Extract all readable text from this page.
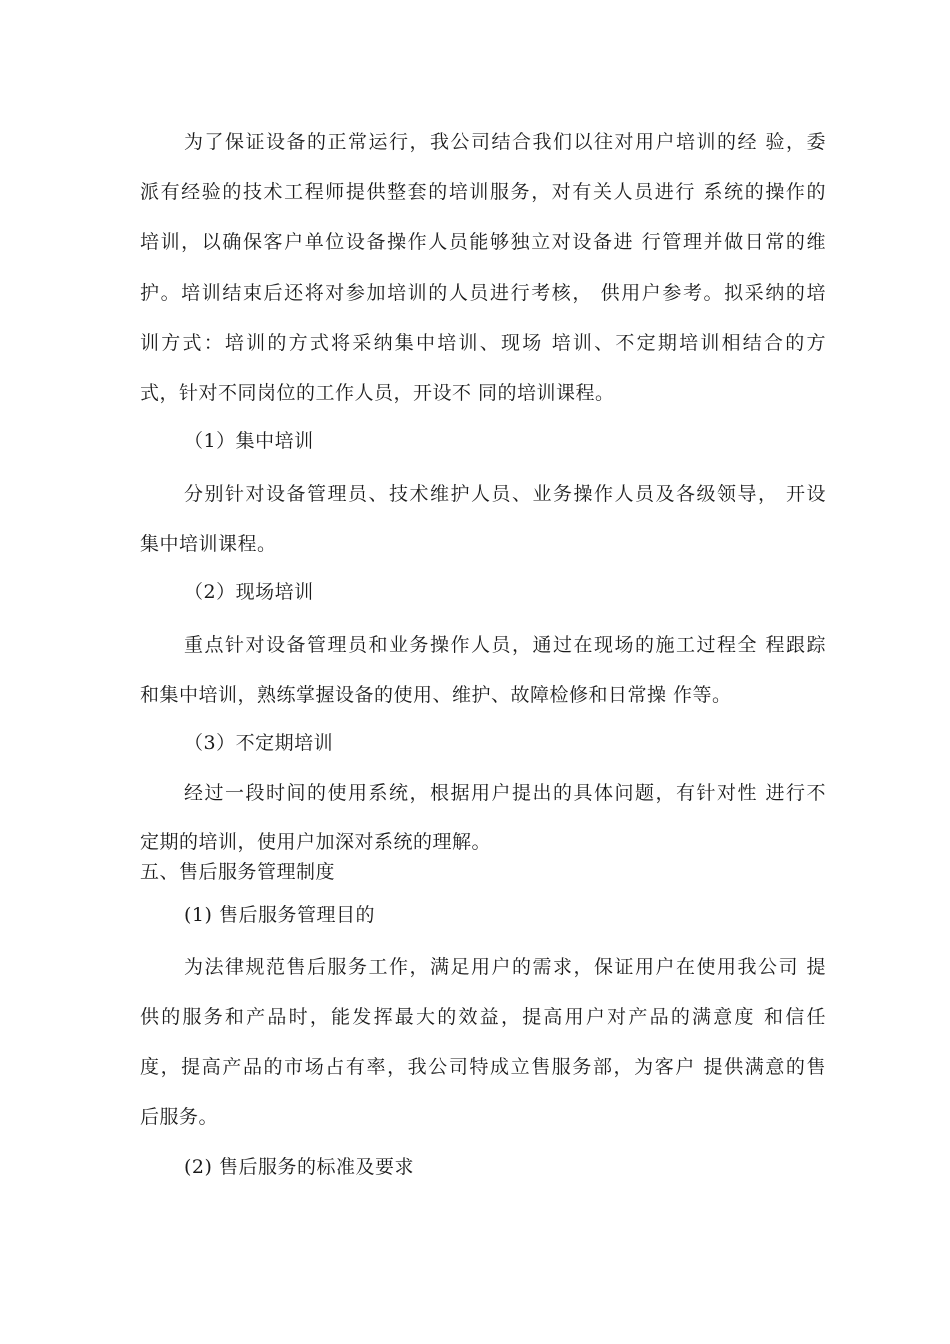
为了保证设备的正常运行，我公司结合我们以往对用户培训的经 验，委
派有经验的技术工程师提供整套的培训服务，对有关人员进行 系统的操作的
培训，以确保客户单位设备操作人员能够独立对设备进 行管理并做日常的维
护。培训结束后还将对参加培训的人员进行考核， 供用户参考。拟采纳的培
训方式：培训的方式将采纳集中培训、现场 培训、不定期培训相结合的方
式，针对不同岗位的工作人员，开设不 同的培训课程。
（1）集中培训
分别针对设备管理员、技术维护人员、业务操作人员及各级领导， 开设
集中培训课程。
（2）现场培训
重点针对设备管理员和业务操作人员，通过在现场的施工过程全 程跟踪
和集中培训，熟练掌握设备的使用、维护、故障检修和日常操 作等。
（3）不定期培训
经过一段时间的使用系统，根据用户提出的具体问题，有针对性 进行不
定期的培训，使用户加深对系统的理解。
五、售后服务管理制度
(1) 售后服务管理目的
为法律规范售后服务工作，满足用户的需求，保证用户在使用我公司 提
供的服务和产品时，能发挥最大的效益，提高用户对产品的满意度 和信任
度，提高产品的市场占有率，我公司特成立售服务部，为客户 提供满意的售
后服务。
(2) 售后服务的标准及要求
